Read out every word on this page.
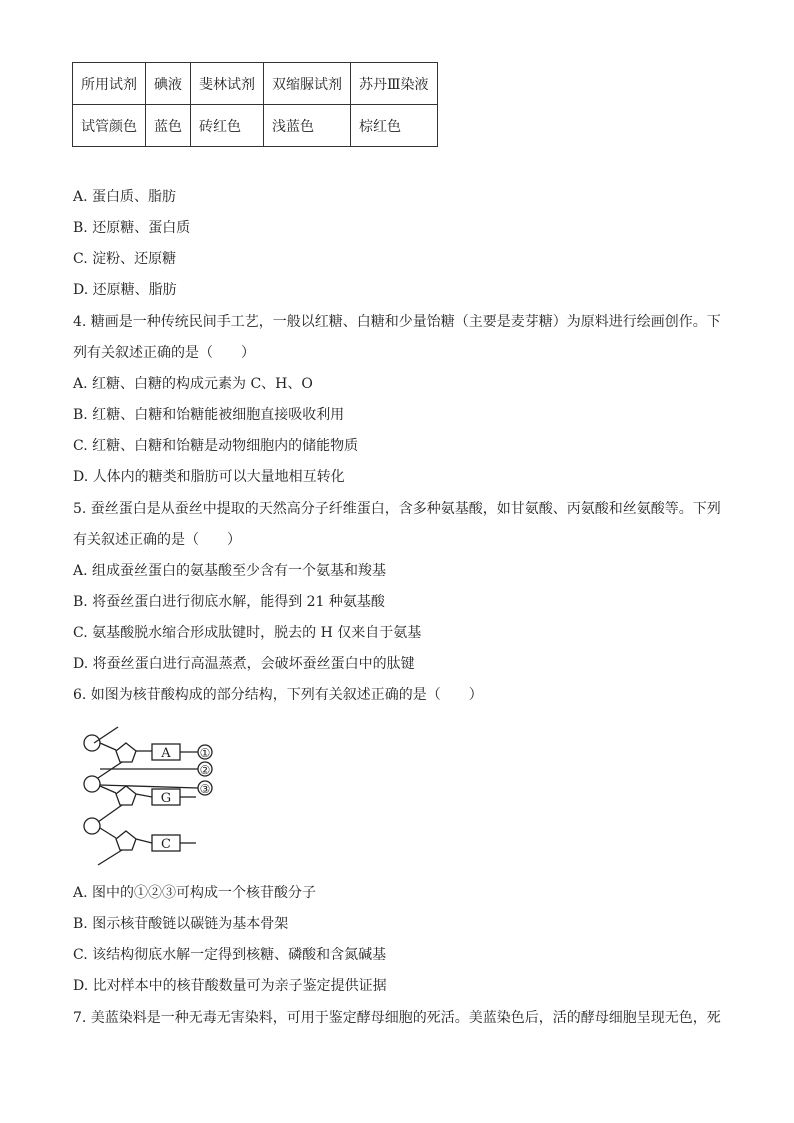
所用试剂	碘液	斐林试剂	双缩脲试剂	苏丹Ⅲ染液
试管颜色	蓝色	砖红色	浅蓝色	棕红色
A. 蛋白质、脂肪
B. 还原糖、蛋白质
C. 淀粉、还原糖
D. 还原糖、脂肪
4. 糖画是一种传统民间手工艺，一般以红糖、白糖和少量饴糖（主要是麦芽糖）为原料进行绘画创作。下
列有关叙述正确的是（　　）
A. 红糖、白糖的构成元素为 C、H、O
B. 红糖、白糖和饴糖能被细胞直接吸收利用
C. 红糖、白糖和饴糖是动物细胞内的储能物质
D. 人体内的糖类和脂肪可以大量地相互转化
5. 蚕丝蛋白是从蚕丝中提取的天然高分子纤维蛋白，含多种氨基酸，如甘氨酸、丙氨酸和丝氨酸等。下列
有关叙述正确的是（　　）
A. 组成蚕丝蛋白的氨基酸至少含有一个氨基和羧基
B. 将蚕丝蛋白进行彻底水解，能得到 21 种氨基酸
C. 氨基酸脱水缩合形成肽键时，脱去的 H 仅来自于氨基
D. 将蚕丝蛋白进行高温蒸煮，会破坏蚕丝蛋白中的肽键
6. 如图为核苷酸构成的部分结构，下列有关叙述正确的是（　　）
A
G
C
①
②
③
A. 图中的①②③可构成一个核苷酸分子
B. 图示核苷酸链以碳链为基本骨架
C. 该结构彻底水解一定得到核糖、磷酸和含氮碱基
D. 比对样本中的核苷酸数量可为亲子鉴定提供证据
7. 美蓝染料是一种无毒无害染料，可用于鉴定酵母细胞的死活。美蓝染色后，活的酵母细胞呈现无色，死
